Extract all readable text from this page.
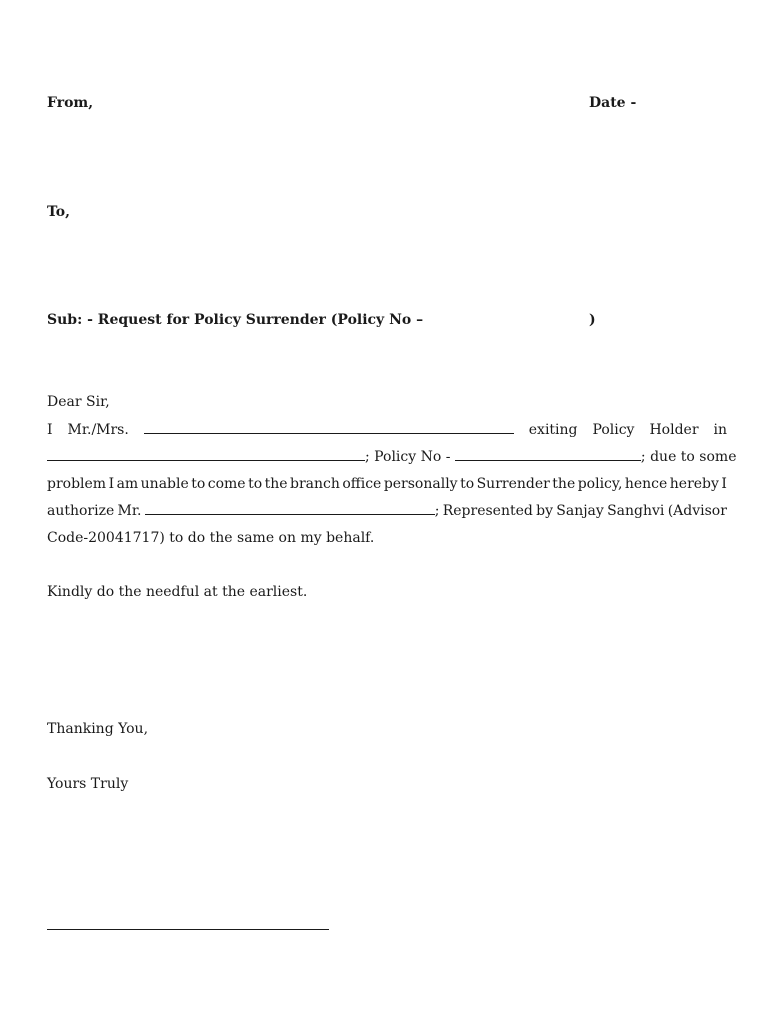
From,	Date -
To,
Sub: - Request for Policy Surrender (Policy No –	)
Dear Sir,
I Mr./Mrs.	exiting Policy Holder in
; Policy No -	; due to some
problem I am unable to come to the branch office personally to Surrender the policy, hence hereby I
authorize Mr.	; Represented by Sanjay Sanghvi (Advisor
Code-20041717) to do the same on my behalf.
Kindly do the needful at the earliest.
Thanking You,
Yours Truly
